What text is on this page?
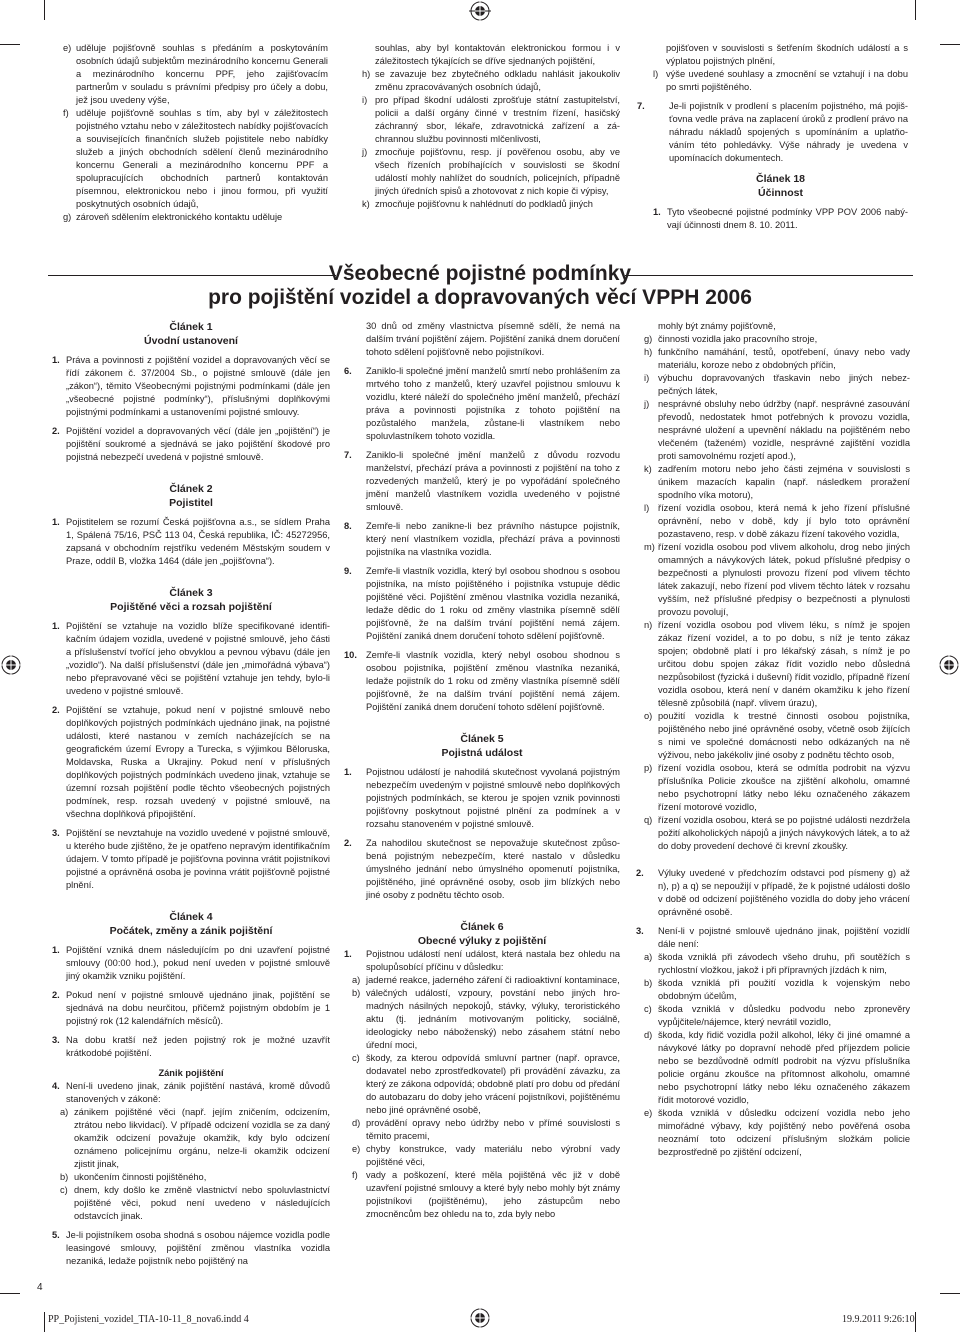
e) uděluje pojišťovně souhlas s předáním a poskytováním osobních údajů subjektům mezinárodního koncernu Generali a mezinárodního koncernu PPF, jeho zajišťovacím partnerům v souladu s právními předpisy pro účely a dobu, jež jsou uvedeny výše,
f) uděluje pojišťovně souhlas s tím, aby byl v záležitostech pojistného vztahu nebo v záležitostech nabídky pojišťovacích a souvisejících finančních služeb pojistitele nebo nabídky služeb a jiných obchodních sdělení členů mezinárodního koncernu Generali a mezinárodního koncernu PPF a spolupracujících obchodních partnerů kontaktován písemnou, elektronickou nebo i jinou formou, při využití poskytnutých osobních údajů,
g) zároveň sdělením elektronického kontaktu uděluje

souhlas, aby byl kontaktován elektronickou formou i v záležitostech týkajících se dříve sjednaných pojištění,

h) se zavazuje bez zbytečného odkladu nahlásit jakoukoliv změnu zpracovávaných osobních údajů,
i) pro případ škodní události zprošťuje státní zastupitelství, policii a další orgány činné v trestním řízení, hasičský záchranný sbor, lékaře, zdravotnická zařízení a záchrannou službu povinnosti mlčenlivosti,
j) zmocňuje pojišťovnu, resp. jí pověřenou osobu, aby ve všech řízeních probíhajících v souvislosti se škodní událostí mohly nahlížet do soudních, policejních, případně jiných úředních spisů a zhotovovat z nich kopie či výpisy,
k) zmocňuje pojišťovnu k nahlédnutí do podkladů jiných

pojišťoven v souvislosti s šetřením škodních událostí a s výplatou pojistných plnění,

l) výše uvedené souhlasy a zmocnění se vztahují i na dobu po smrti pojištěného.
7.	Je-li pojistník v prodlení s placením pojistného, má pojišťovna vedle práva na zaplacení úroků z prodlení právo na náhradu nákladů spojených s upomínáním a uplatňováním této pohledávky. Výše náhrady je uvedena v upomínacích dokumentech.

Článek 18

Účinnost

1. Tyto všeobecné pojistné podmínky VPP POV 2006 nabývají účinnosti dnem 8. 10. 2011.
Všeobecné pojistné podmínky
pro pojištění vozidel a dopravovaných věcí VPPH 2006

Článek 1

Úvodní ustanovení

1. Práva a povinnosti z pojištění vozidel a dopravovaných věcí se řídí zákonem č. 37/2004 Sb., o pojistné smlouvě (dále jen „zákon“), těmito Všeobecnými pojistnými podmínkami (dále jen „všeobecné pojistné podmínky“), příslušnými doplňkovými pojistnými podmínkami a ustanoveními pojistné smlouvy.
2. Pojištění vozidel a dopravovaných věcí (dále jen „pojištění“) je pojištění soukromé a sjednává se jako pojištění škodové pro pojistná nebezpečí uvedená v pojistné smlouvě.

Článek 2

Pojistitel

1. Pojistitelem se rozumí Česká pojišťovna a.s., se sídlem Praha 1, Spálená 75/16, PSČ 113 04, Česká republika, IČ: 45272956, zapsaná v obchodním rejstříku vedeném Městským soudem v Praze, oddíl B, vložka 1464 (dále jen „pojišťovna“).

Článek 3

Pojištěné věci a rozsah pojištění

1. Pojištění se vztahuje na vozidlo blíže specifikované identifikačním údajem vozidla, uvedené v pojistné smlouvě, jeho části a příslušenství tvořící jeho obvyklou a pevnou výbavu (dále jen „vozidlo“). Na další příslušenství (dále jen „mimořádná výbava“) nebo přepravované věci se pojištění vztahuje jen tehdy, bylo-li uvedeno v pojistné smlouvě.
2. Pojištění se vztahuje, pokud není v pojistné smlouvě nebo doplňkových pojistných podmínkách ujednáno jinak, na pojistné události, které nastanou v zemích nacházejících se na geografickém území Evropy a Turecka, s výjimkou Běloruska, Moldavska, Ruska a Ukrajiny. Pokud není v příslušných doplňkových pojistných podmínkách uvedeno jinak, vztahuje se územní rozsah pojištění podle těchto všeobecných pojistných podmínek, resp. rozsah uvedený v pojistné smlouvě, na všechna doplňková připojištění.
3. Pojištění se nevztahuje na vozidlo uvedené v pojistné smlouvě, u kterého bude zjištěno, že je opatřeno nepravým identifikačním údajem. V tomto případě je pojišťovna povinna vrátit pojistníkovi pojistné a oprávněná osoba je povinna vrátit pojišťovně pojistné plnění.

Článek 4

Počátek, změny a zánik pojištění

1. Pojištění vzniká dnem následujícím po dni uzavření pojistné smlouvy (00:00 hod.), pokud není uveden v pojistné smlouvě jiný okamžik vzniku pojištění.
2. Pokud není v pojistné smlouvě ujednáno jinak, pojištění se sjednává na dobu neurčitou, přičemž pojistným obdobím je 1 pojistný rok (12 kalendářních měsíců).
3. Na dobu kratší než jeden pojistný rok je možné uzavřít krátkodobé pojištění.

Zánik pojištění

4. Není-li uvedeno jinak, zánik pojištění nastává, kromě důvodů stanovených v zákoně:
a) zánikem pojištěné věci (např. jejím zničením, odcizením, ztrátou nebo likvidací). V případě odcizení vozidla se za daný okamžik odcizení považuje okamžik, kdy bylo odcizení oznámeno policejnímu orgánu, nelze-li okamžik odcizení zjistit jinak,
b) ukončením činnosti pojištěného,
c) dnem, kdy došlo ke změně vlastnictví nebo spoluvlastnictví pojištěné věci, pokud není uvedeno v následujících odstavcích jinak.
5. Je-li pojistníkem osoba shodná s osobou nájemce vozidla podle leasingové smlouvy, pojištění změnou vlastníka vozidla nezaniká, ledaže pojistník nebo pojištěný na

30 dnů od změny vlastnictva písemně sdělí, že nemá na dalším trvání pojištění zájem. Pojištění zaniká dnem doručení tohoto sdělení pojišťovně nebo pojistníkovi.

6. Zaniklo-li společné jmění manželů smrtí nebo prohlášením za mrtvého toho z manželů, který uzavřel pojistnou smlouvu k vozidlu, které náleží do společného jmění manželů, přechází práva a povinnosti pojistníka z tohoto pojištění na pozůstalého manžela, zůstane-li vlastníkem nebo spoluvlastníkem tohoto vozidla.
7. Zaniklo-li společné jmění manželů z důvodu rozvodu manželství, přechází práva a povinnosti z pojištění na toho z rozvedených manželů, který je po vypořádání společného jmění manželů vlastníkem vozidla uvedeného v pojistné smlouvě.
8. Zemře-li nebo zanikne-li bez právního nástupce pojistník, který není vlastníkem vozidla, přechází práva a povinnosti pojistníka na vlastníka vozidla.
9. Zemře-li vlastník vozidla, který byl osobou shodnou s osobou pojistníka, na místo pojištěného i pojistníka vstupuje dědic pojištěné věci. Pojištění změnou vlastníka vozidla nezaniká, ledaže dědic do 1 roku od změny vlastnika písemně sdělí pojišťovně, že na dalším trvání pojištění nemá zájem. Pojištění zaniká dnem doručení tohoto sdělení pojišťovně.
10. Zemře-li vlastník vozidla, který nebyl osobou shodnou s osobou pojistníka, pojištění změnou vlastníka nezaniká, ledaže pojistník do 1 roku od změny vlastníka písemně sdělí pojišťovně, že na dalším trvání pojištění nemá zájem. Pojištění zaniká dnem doručení tohoto sdělení pojišťovně.

Článek 5

Pojistná událost

1. Pojistnou událostí je nahodilá skutečnost vyvolaná pojistným nebezpečím uvedeným v pojistné smlouvě nebo doplňkových pojistných podmínkách, se kterou je spojen vznik povinnosti pojišťovny poskytnout pojistné plnění za podmínek a v rozsahu stanoveném v pojistné smlouvě.
2. Za nahodilou skutečnost se nepovažuje skutečnost způsobená pojistným nebezpečím, které nastalo v důsledku úmyslného jednání nebo úmyslného opomenutí pojistníka, pojištěného, jiné oprávněné osoby, osob jim blízkých nebo jiné osoby z podnětu těchto osob.

Článek 6

Obecné výluky z pojištění

1. Pojistnou událostí není událost, která nastala bez ohledu na spolupůsobící příčinu v důsledku:
a) jaderné reakce, jaderného záření či radioaktivní kontaminace,
b) válečných událostí, vzpoury, povstání nebo jiných hromadných násilných nepokojů, stávky, výluky, teroristického aktu (tj. jednáním motivovaným politicky, sociálně, ideologicky nebo náboženský) nebo zásahem státní nebo úřední moci,
c) škody, za kterou odpovídá smluvní partner (např. opravce, dodavatel nebo zprostředkovatel) při provádění závazku, za který ze zákona odpovídá; obdobně platí pro dobu od předání do autobazaru do doby jeho vrácení pojistníkovi, pojištěnému nebo jiné oprávněné osobě,
d) provádění opravy nebo údržby nebo v přímé souvislosti s těmito pracemi,
e) chyby konstrukce, vady materiálu nebo výrobní vady pojištěné věci,
f) vady a poškození, které měla pojištěná věc již v době uzavření pojistné smlouvy a které byly nebo mohly být známy pojistníkovi (pojištěnému), jeho zástupcům nebo zmocněncům bez ohledu na to, zda byly nebo

mohly být známy pojišťovně,

g) činnosti vozidla jako pracovního stroje,
h) funkčního namáhání, testů, opotřebení, únavy nebo vady materiálu, koroze nebo z obdobných příčin,
i) výbuchu dopravovaných třaskavin nebo jiných nebezpečných látek,
j) nesprávné obsluhy nebo údržby (např. nesprávné zasouvání převodů, nedostatek hmot potřebných k provozu vozidla, nesprávné uložení a upevnění nákladu na pojištěném nebo vlečeném (taženém) vozidle, nesprávné zajištění vozidla proti samovolnému rozjetí apod.),
k) zadřením motoru nebo jeho části zejména v souvislosti s únikem mazacích kapalin (např. následkem proražení spodního víka motoru),
l) řízení vozidla osobou, která nemá k jeho řízení příslušné oprávnění, nebo v době, kdy jí bylo toto oprávnění pozastaveno, resp. v době zákazu řízení takového vozidla,
m) řízení vozidla osobou pod vlivem alkoholu, drog nebo jiných omamných a návykových látek, pokud příslušné předpisy o bezpečnosti a plynulosti provozu řízení pod vlivem těchto látek zakazují, nebo řízení pod vlivem těchto látek v rozsahu vyšším, než příslušné předpisy o bezpečnosti a plynulosti provozu povolují,
n) řízení vozidla osobou pod vlivem léku, s nímž je spojen zákaz řízení vozidel, a to po dobu, s níž je tento zákaz spojen; obdobně platí i pro lékařský zásah, s nímž je po určitou dobu spojen zákaz řídit vozidlo nebo důsledná nezpůsobilost (fyzická i duševní) řídit vozidlo, případně řízení vozidla osobou, která není v daném okamžiku k jeho řízení tělesně způsobilá (např. vlivem úrazu),
o) použití vozidla k trestné činnosti osobou pojistníka, pojištěného nebo jiné oprávněné osoby, včetně osob žijících s nimi ve společné domácnosti nebo odkázaných na ně výživou, nebo jakékoliv jiné osoby z podnětu těchto osob,
p) řízení vozidla osobou, která se odmítla podrobit na výzvu příslušníka Policie zkoušce na zjištění alkoholu, omamné nebo psychotropní látky nebo léku označeného zákazem řízení motorové vozidlo,
q) řízení vozidla osobou, která se po pojistné události nezdržela požití alkoholických nápojů a jiných návykových látek, a to až do doby provedení dechové či krevní zkoušky.
2. Výluky uvedené v předchozím odstavci pod písmeny g) až n), p) a q) se nepoužijí v případě, že k pojistné události došlo v době od odcizení pojištěného vozidla do doby jeho vrácení oprávněné osobě.
3. Není-li v pojistné smlouvě ujednáno jinak, pojištění vozidlí dále není:
a) škoda vzniklá při závodech všeho druhu, při soutěžích s rychlostní vložkou, jakož i při přípravných jízdách k nim,
b) škoda vzniklá při použití vozidla k vojenským nebo obdobným účelům,
c) škoda vzniklá v důsledku podvodu nebo zpronevěry vypůjčitele/nájemce, který nevrátil vozidlo,
d) škoda, kdy řidič vozidla požil alkohol, léky či jiné omamné a návykové látky po dopravní nehodě před příjezdem policie nebo se bezdůvodně odmítl podrobit na výzvu příslušníka policie orgánu zkoušce na přítomnost alkoholu, omamné nebo psychotropní látky nebo léku označeného zákazem řídit motorové vozidlo,
e) škoda vzniklá v důsledku odcizení vozidla nebo jeho mimořádné výbavy, kdy pojištěný nebo pověřená osoba neoznámí toto odcizení příslušným složkám policie bezprostředně po zjištění odcizení,
4
PP_Pojisteni_vozidel_TIA-10-11_8_nova6.indd 4	19.9.2011 9:26:10
